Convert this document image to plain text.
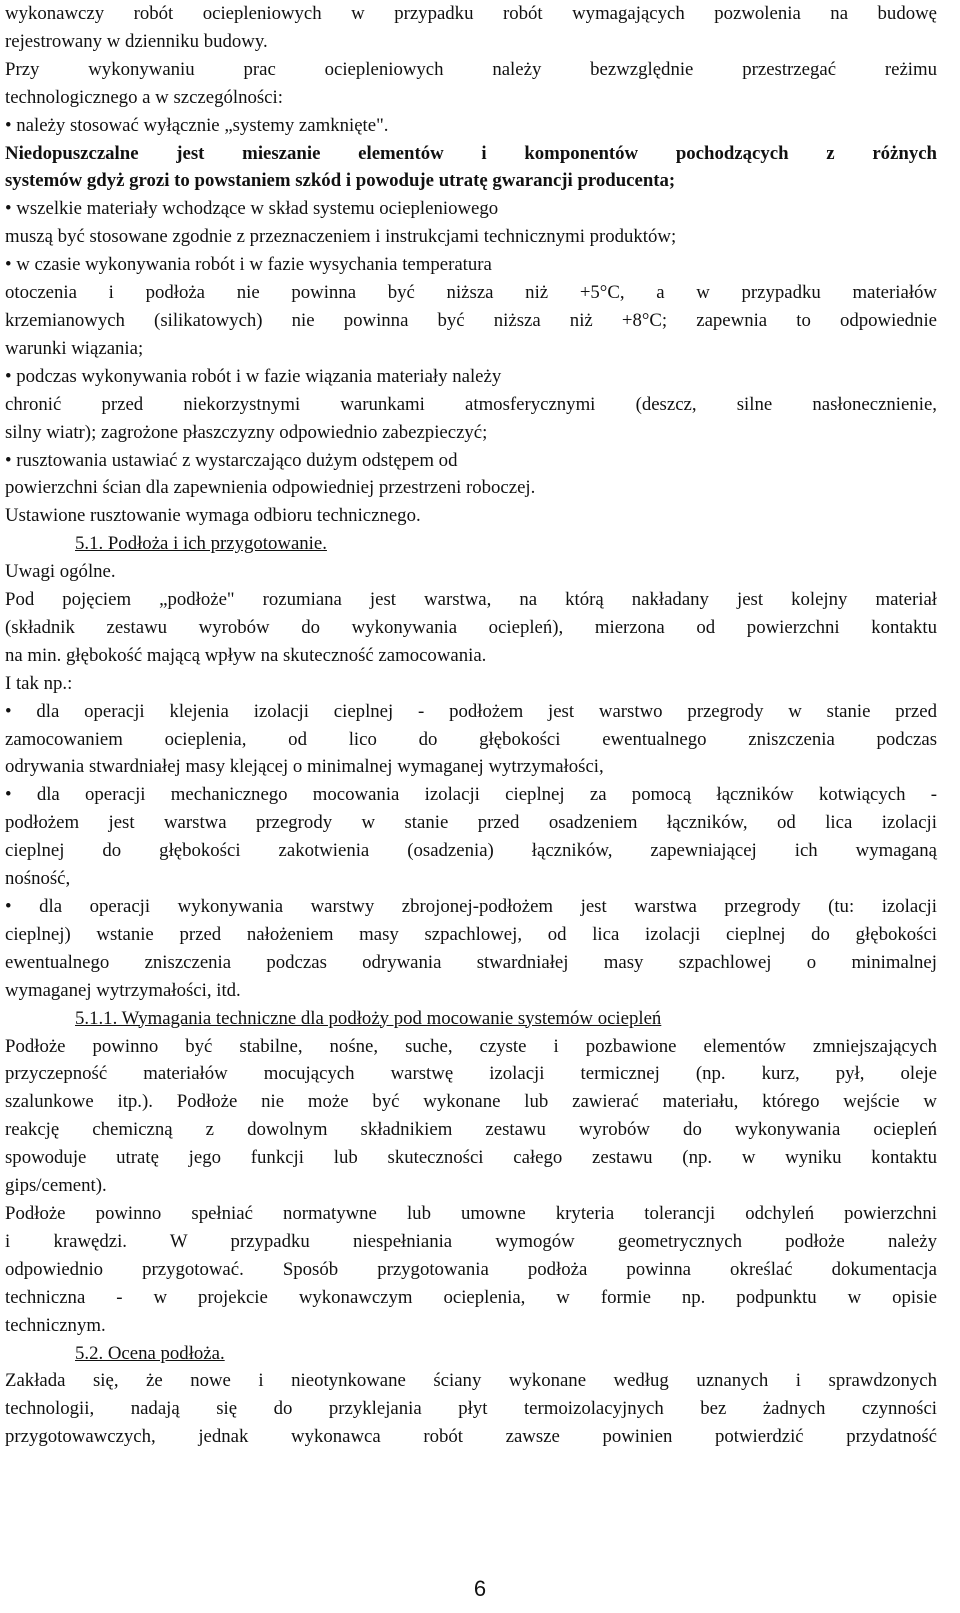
wykonawczy robót ociepleniowych w przypadku robót wymagających pozwolenia na budowę
rejestrowany w dzienniku budowy.
Przy wykonywaniu prac ociepleniowych należy bezwzględnie przestrzegać reżimu
technologicznego a w szczególności:
• należy stosować wyłącznie „systemy zamknięte".
Niedopuszczalne jest mieszanie elementów i komponentów pochodzących z różnych
systemów gdyż grozi to powstaniem szkód i powoduje utratę gwarancji producenta;
• wszelkie materiały wchodzące w skład systemu ociepleniowego
muszą być stosowane zgodnie z przeznaczeniem i instrukcjami technicznymi produktów;
• w czasie wykonywania robót i w fazie wysychania temperatura
otoczenia i podłoża nie powinna być niższa niż +5°C, a w przypadku materiałów
krzemianowych (silikatowych) nie powinna być niższa niż +8°C; zapewnia to odpowiednie
warunki wiązania;
• podczas wykonywania robót i w fazie wiązania materiały należy
chronić przed niekorzystnymi warunkami atmosferycznymi (deszcz, silne nasłonecznienie,
silny wiatr); zagrożone płaszczyzny odpowiednio zabezpieczyć;
• rusztowania ustawiać z wystarczająco dużym odstępem od
powierzchni ścian dla zapewnienia odpowiedniej przestrzeni roboczej.
Ustawione rusztowanie wymaga odbioru technicznego.
5.1. Podłoża i ich przygotowanie.
Uwagi ogólne.
Pod pojęciem „podłoże" rozumiana jest warstwa, na którą nakładany jest kolejny materiał
(składnik zestawu wyrobów do wykonywania ociepleń), mierzona od powierzchni kontaktu
na min. głębokość mającą wpływ na skuteczność zamocowania.
I tak np.:
• dla operacji klejenia izolacji cieplnej - podłożem jest warstwo przegrody w stanie przed
zamocowaniem ocieplenia, od lico do głębokości ewentualnego zniszczenia podczas
odrywania stwardniałej masy klejącej o minimalnej wymaganej wytrzymałości,
• dla operacji mechanicznego mocowania izolacji cieplnej za pomocą łączników kotwiących -
podłożem jest warstwa przegrody w stanie przed osadzeniem łączników, od lica izolacji
cieplnej do głębokości zakotwienia (osadzenia) łączników, zapewniającej ich wymaganą
nośność,
• dla operacji wykonywania warstwy zbrojonej-podłożem jest warstwa przegrody (tu: izolacji
cieplnej) wstanie przed nałożeniem masy szpachlowej, od lica izolacji cieplnej do głębokości
ewentualnego zniszczenia podczas odrywania stwardniałej masy szpachlowej o minimalnej
wymaganej wytrzymałości, itd.
5.1.1. Wymagania techniczne dla podłoży pod mocowanie systemów ociepleń
Podłoże powinno być stabilne, nośne, suche, czyste i pozbawione elementów zmniejszających
przyczepność materiałów mocujących warstwę izolacji termicznej (np. kurz, pył, oleje
szalunkowe itp.). Podłoże nie może być wykonane lub zawierać materiału, którego wejście w
reakcję chemiczną z dowolnym składnikiem zestawu wyrobów do wykonywania ociepleń
spowoduje utratę jego funkcji lub skuteczności całego zestawu (np. w wyniku kontaktu
gips/cement).
Podłoże powinno spełniać normatywne lub umowne kryteria tolerancji odchyleń powierzchni
i krawędzi. W przypadku niespełniania wymogów geometrycznych podłoże należy
odpowiednio przygotować. Sposób przygotowania podłoża powinna określać dokumentacja
techniczna - w projekcie wykonawczym ocieplenia, w formie np. podpunktu w opisie
technicznym.
5.2. Ocena podłoża.
Zakłada się, że nowe i nieotynkowane ściany wykonane według uznanych i sprawdzonych
technologii, nadają się do przyklejania płyt termoizolacyjnych bez żadnych czynności
przygotowawczych, jednak wykonawca robót zawsze powinien potwierdzić przydatność
6
